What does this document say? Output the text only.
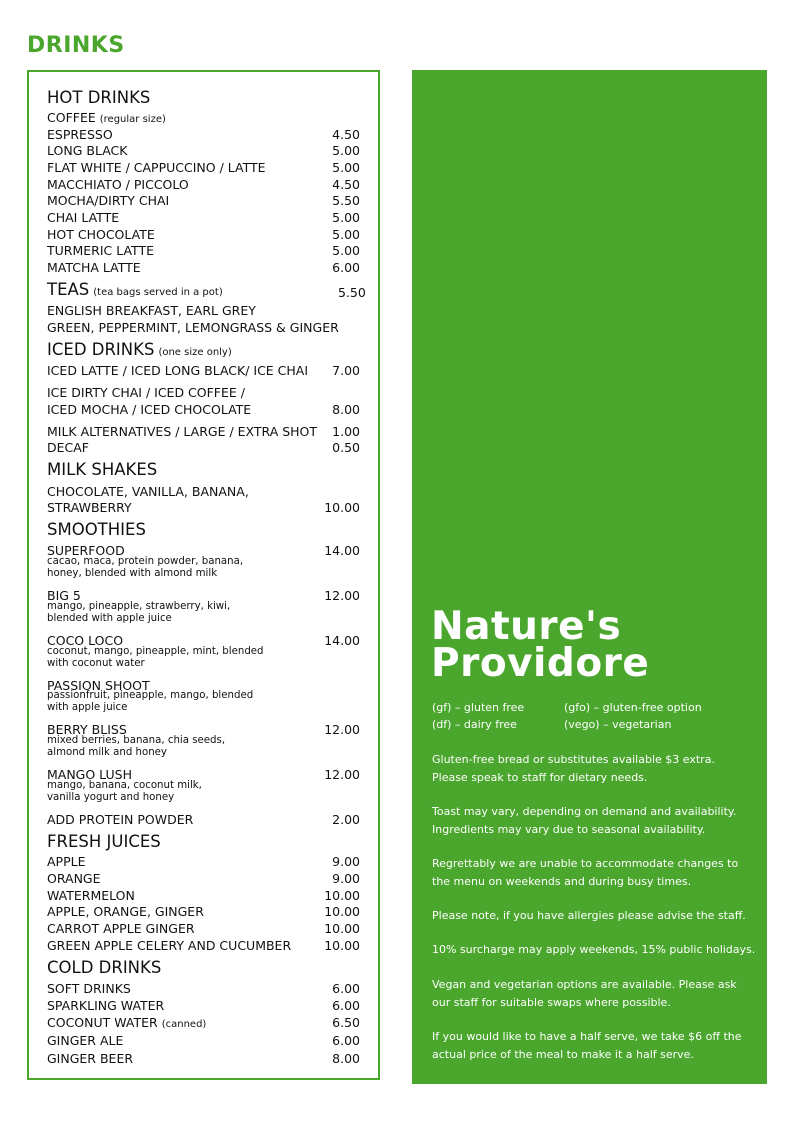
DRINKS
HOT DRINKS
COFFEE (regular size)
ESPRESSO	4.50
LONG BLACK	5.00
FLAT WHITE / CAPPUCCINO / LATTE	5.00
MACCHIATO / PICCOLO	4.50
MOCHA/DIRTY CHAI	5.50
CHAI LATTE	5.00
HOT CHOCOLATE	5.00
TURMERIC LATTE	5.00
MATCHA LATTE	6.00
TEAS (tea bags served in a pot)	5.50
ENGLISH BREAKFAST, EARL GREY
GREEN, PEPPERMINT, LEMONGRASS & GINGER
ICED DRINKS (one size only)
ICED LATTE / ICED LONG BLACK/ ICE CHAI 7.00
ICE DIRTY CHAI / ICED COFFEE /
ICED MOCHA / ICED CHOCOLATE	8.00
MILK ALTERNATIVES / LARGE / EXTRA SHOT 1.00
DECAF	0.50
MILK SHAKES
CHOCOLATE, VANILLA, BANANA,
STRAWBERRY	10.00
SMOOTHIES
SUPERFOOD	14.00
cacao, maca, protein powder, banana,
honey, blended with almond milk
BIG 5	12.00
mango, pineapple, strawberry, kiwi,
blended with apple juice
COCO LOCO	14.00
coconut, mango, pineapple, mint, blended
with coconut water
PASSION SHOOT
passionfruit, pineapple, mango, blended
with apple juice
BERRY BLISS	12.00
mixed berries, banana, chia seeds,
almond milk and honey
MANGO LUSH	12.00
mango, banana, coconut milk,
vanilla yogurt and honey
ADD PROTEIN POWDER	2.00
FRESH JUICES
APPLE	9.00
ORANGE	9.00
WATERMELON	10.00
APPLE, ORANGE, GINGER	10.00
CARROT APPLE GINGER	10.00
GREEN APPLE CELERY AND CUCUMBER	10.00
COLD DRINKS
SOFT DRINKS	6.00
SPARKLING WATER	6.00
COCONUT WATER (canned)	6.50
GINGER ALE	6.00
GINGER BEER	8.00
Nature's
Providore
(gf) – gluten free	(gfo) – gluten-free option
(df) – dairy free	(vego) – vegetarian
Gluten-free bread or substitutes available $3 extra.
Please speak to staff for dietary needs.
Toast may vary, depending on demand and availability.
Ingredients may vary due to seasonal availability.
Regrettably we are unable to accommodate changes to
the menu on weekends and during busy times.
Please note, if you have allergies please advise the staff.
10% surcharge may apply weekends, 15% public holidays.
Vegan and vegetarian options are available. Please ask
our staff for suitable swaps where possible.
If you would like to have a half serve, we take $6 off the
actual price of the meal to make it a half serve.
